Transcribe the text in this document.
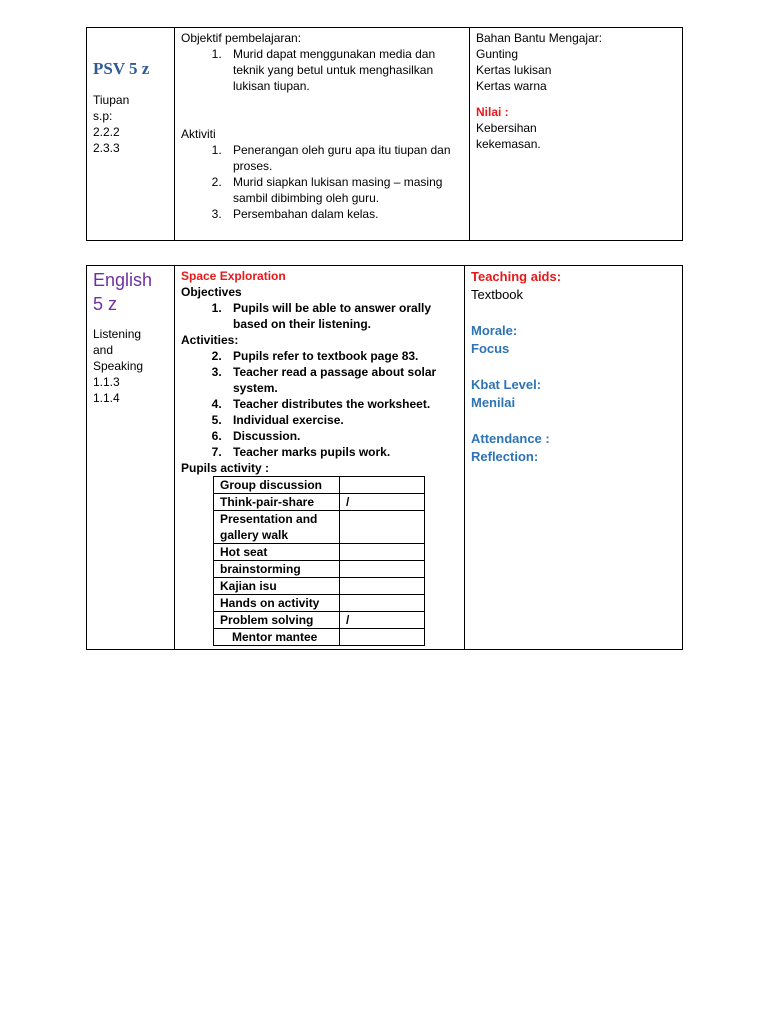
PSV 5 z
Tiupan
s.p:
2.2.2
2.3.3

Objektif pembelajaran:
1. Murid dapat menggunakan media dan teknik yang betul untuk menghasilkan lukisan tiupan.
Aktiviti
1. Penerangan oleh guru apa itu tiupan dan proses.
2. Murid siapkan lukisan masing – masing sambil dibimbing oleh guru.
3. Persembahan dalam kelas.

Bahan Bantu Mengajar:
Gunting
Kertas lukisan
Kertas warna
Nilai :
Kebersihan
kekemasan.
English
5 z
Listening
and
Speaking
1.1.3
1.1.4

Space Exploration
Objectives
1. Pupils will be able to answer orally based on their listening.
Activities:
2. Pupils refer to textbook page 83.
3. Teacher read a passage about solar system.
4. Teacher distributes the worksheet.
5. Individual exercise.
6. Discussion.
7. Teacher marks pupils work.
Pupils activity :
Group discussion	
Think-pair-share	/
Presentation and gallery walk	
Hot seat	
brainstorming	
Kajian isu	
Hands on activity	
Problem solving	/
Mentor mantee	

Teaching aids:
Textbook
Morale:
Focus
Kbat Level:
Menilai
Attendance :
Reflection:
